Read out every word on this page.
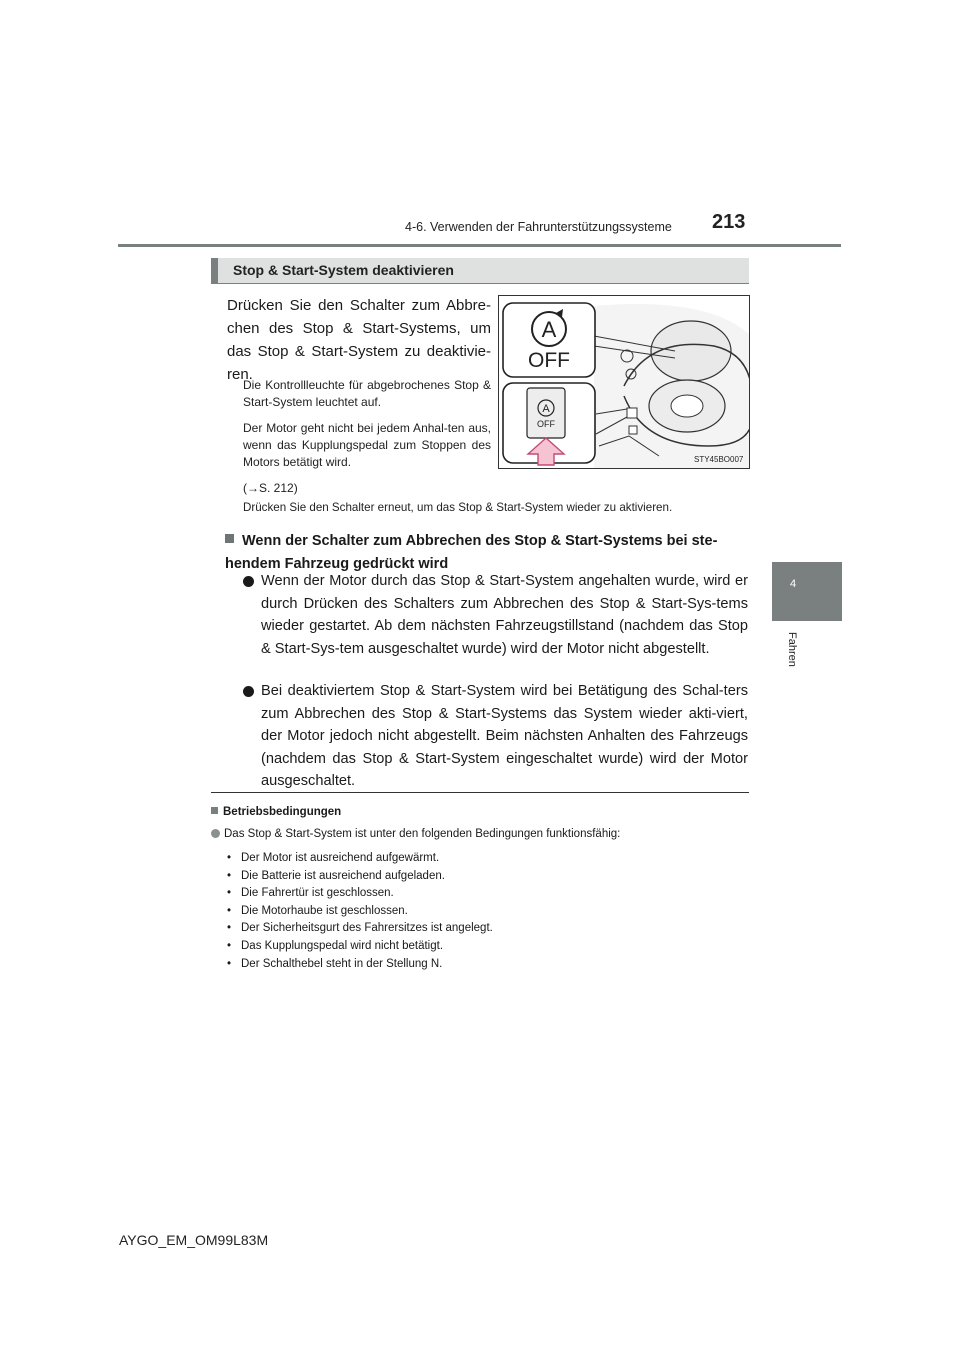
4-6. Verwenden der Fahrunterstützungssysteme 213
4
Fahren
Stop & Start-System deaktivieren
Drücken Sie den Schalter zum Abbre-chen des Stop & Start-Systems, um das Stop & Start-System zu deaktivie-ren.
Die Kontrollleuchte für abgebrochenes Stop & Start-System leuchtet auf.
Der Motor geht nicht bei jedem Anhal-ten aus, wenn das Kupplungspedal zum Stoppen des Motors betätigt wird.
(→S. 212)
A
OFF
A
OFF
STY45BO007
Drücken Sie den Schalter erneut, um das Stop & Start-System wieder zu aktivieren.
Wenn der Schalter zum Abbrechen des Stop & Start-Systems bei ste-hendem Fahrzeug gedrückt wird
Wenn der Motor durch das Stop & Start-System angehalten wurde, wird er durch Drücken des Schalters zum Abbrechen des Stop & Start-Sys-tems wieder gestartet. Ab dem nächsten Fahrzeugstillstand (nachdem das Stop & Start-Sys-tem ausgeschaltet wurde) wird der Motor nicht abgestellt.
Bei deaktiviertem Stop & Start-System wird bei Betätigung des Schal-ters zum Abbrechen des Stop & Start-Systems das System wieder akti-viert, der Motor jedoch nicht abgestellt. Beim nächsten Anhalten des Fahrzeugs (nachdem das Stop & Start-System eingeschaltet wurde) wird der Motor ausgeschaltet.
Betriebsbedingungen
Das Stop & Start-System ist unter den folgenden Bedingungen funktionsfähig:
• Der Motor ist ausreichend aufgewärmt.
• Die Batterie ist ausreichend aufgeladen.
• Die Fahrertür ist geschlossen.
• Die Motorhaube ist geschlossen.
• Der Sicherheitsgurt des Fahrersitzes ist angelegt.
• Das Kupplungspedal wird nicht betätigt.
• Der Schalthebel steht in der Stellung N.
AYGO_EM_OM99L83M
